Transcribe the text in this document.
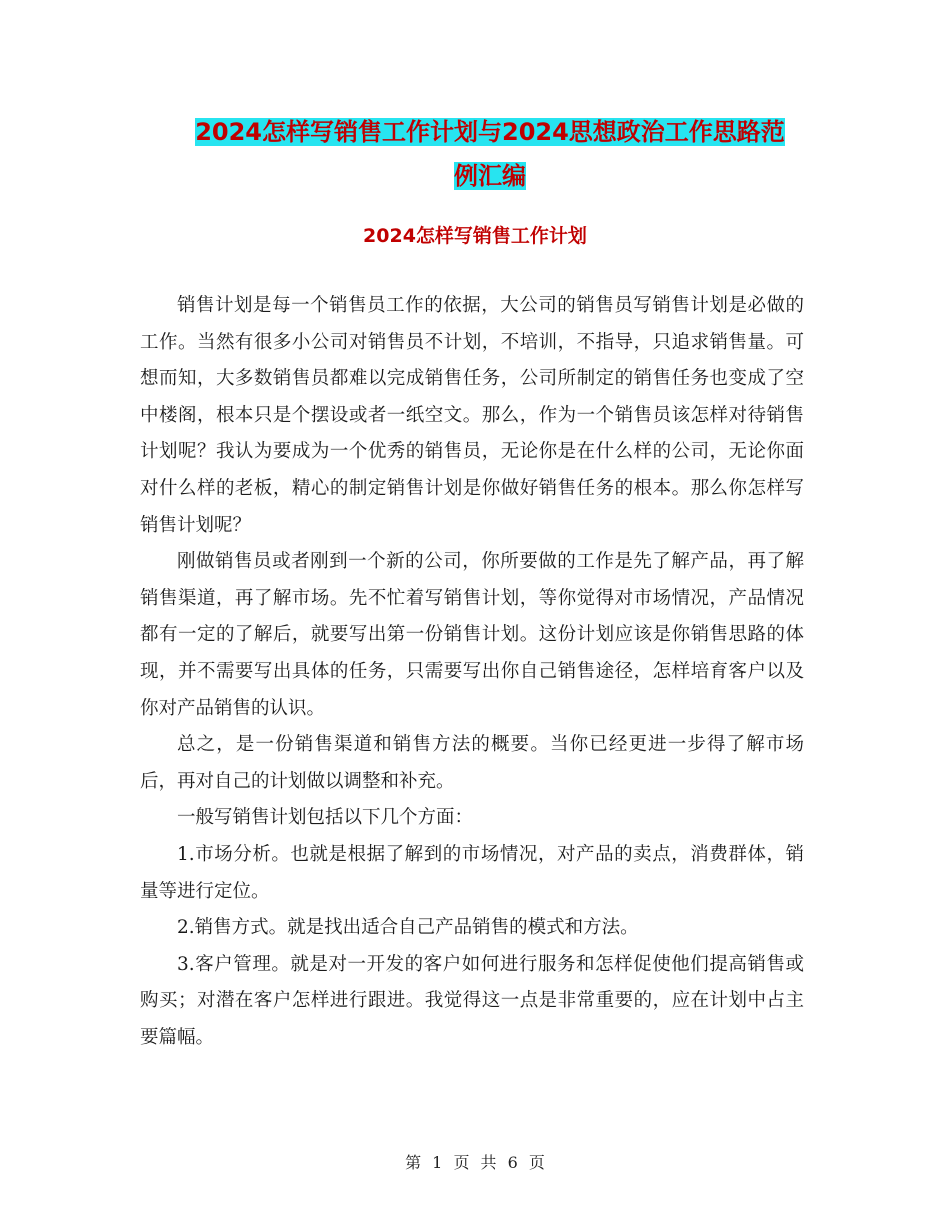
2024怎样写销售工作计划与2024思想政治工作思路范
例汇编
2024怎样写销售工作计划

销售计划是每一个销售员工作的依据，大公司的销售员写销售计划是必做的工作。当然有很多小公司对销售员不计划，不培训，不指导，只追求销售量。可想而知，大多数销售员都难以完成销售任务，公司所制定的销售任务也变成了空中楼阁，根本只是个摆设或者一纸空文。那么，作为一个销售员该怎样对待销售计划呢？我认为要成为一个优秀的销售员，无论你是在什么样的公司，无论你面对什么样的老板，精心的制定销售计划是你做好销售任务的根本。那么你怎样写销售计划呢？

刚做销售员或者刚到一个新的公司，你所要做的工作是先了解产品，再了解销售渠道，再了解市场。先不忙着写销售计划，等你觉得对市场情况，产品情况都有一定的了解后，就要写出第一份销售计划。这份计划应该是你销售思路的体现，并不需要写出具体的任务，只需要写出你自己销售途径，怎样培育客户以及你对产品销售的认识。

总之，是一份销售渠道和销售方法的概要。当你已经更进一步得了解市场后，再对自己的计划做以调整和补充。

一般写销售计划包括以下几个方面：

1.市场分析。也就是根据了解到的市场情况，对产品的卖点，消费群体，销量等进行定位。

2.销售方式。就是找出适合自己产品销售的模式和方法。

3.客户管理。就是对一开发的客户如何进行服务和怎样促使他们提高销售或购买；对潜在客户怎样进行跟进。我觉得这一点是非常重要的，应在计划中占主要篇幅。

第 1 页 共 6 页
